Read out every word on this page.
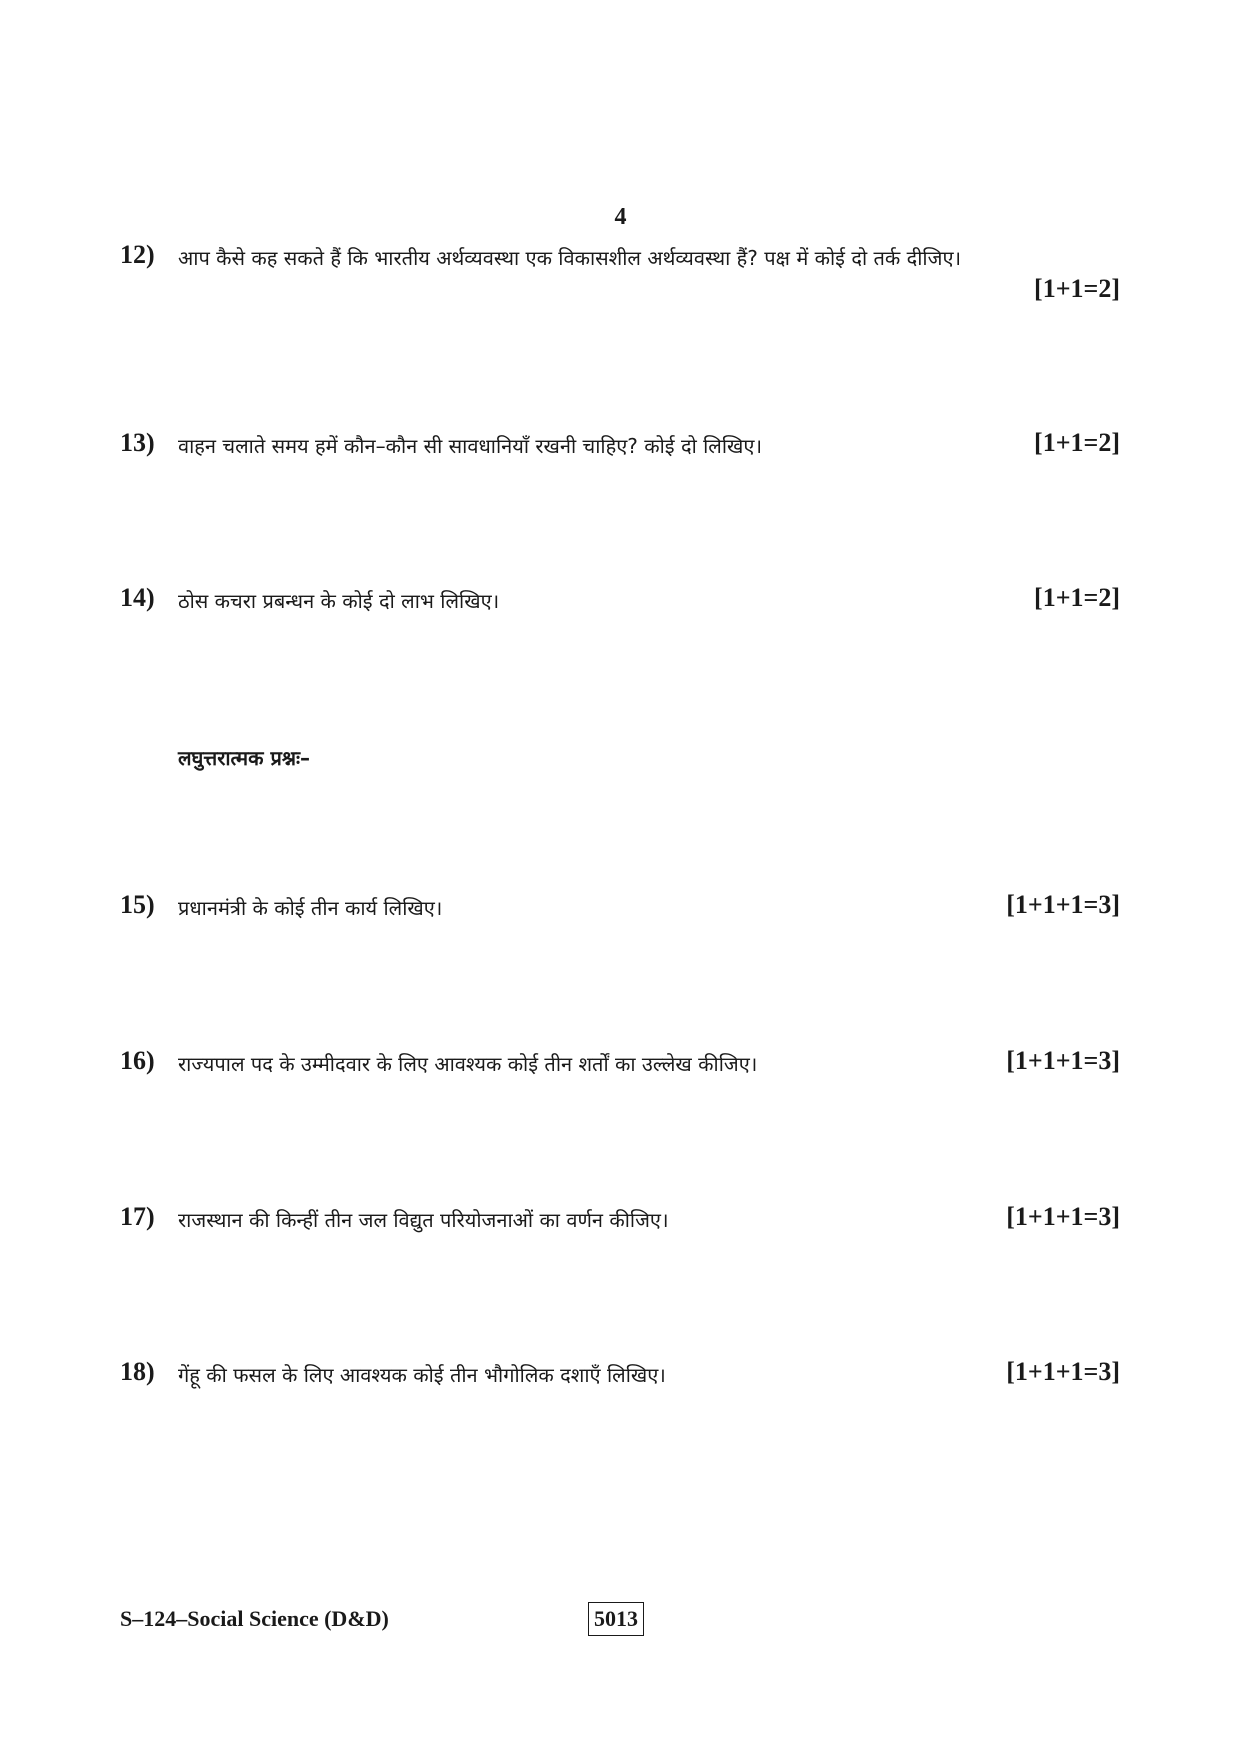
4
12) आप कैसे कह सकते हैं कि भारतीय अर्थव्यवस्था एक विकासशील अर्थव्यवस्था हैं? पक्ष में कोई दो तर्क दीजिए।
[1+1=2]
13) वाहन चलाते समय हमें कौन–कौन सी सावधानियाँ रखनी चाहिए? कोई दो लिखिए।	[1+1=2]
14) ठोस कचरा प्रबन्धन के कोई दो लाभ लिखिए।	[1+1=2]
लघुत्तरात्मक प्रश्नः–
15) प्रधानमंत्री के कोई तीन कार्य लिखिए।	[1+1+1=3]
16) राज्यपाल पद के उम्मीदवार के लिए आवश्यक कोई तीन शर्तों का उल्लेख कीजिए।	[1+1+1=3]
17) राजस्थान की किन्हीं तीन जल विद्युत परियोजनाओं का वर्णन कीजिए।	[1+1+1=3]
18) गेंहू की फसल के लिए आवश्यक कोई तीन भौगोलिक दशाएँ लिखिए।	[1+1+1=3]
S–124–Social Science (D&D)	5013
